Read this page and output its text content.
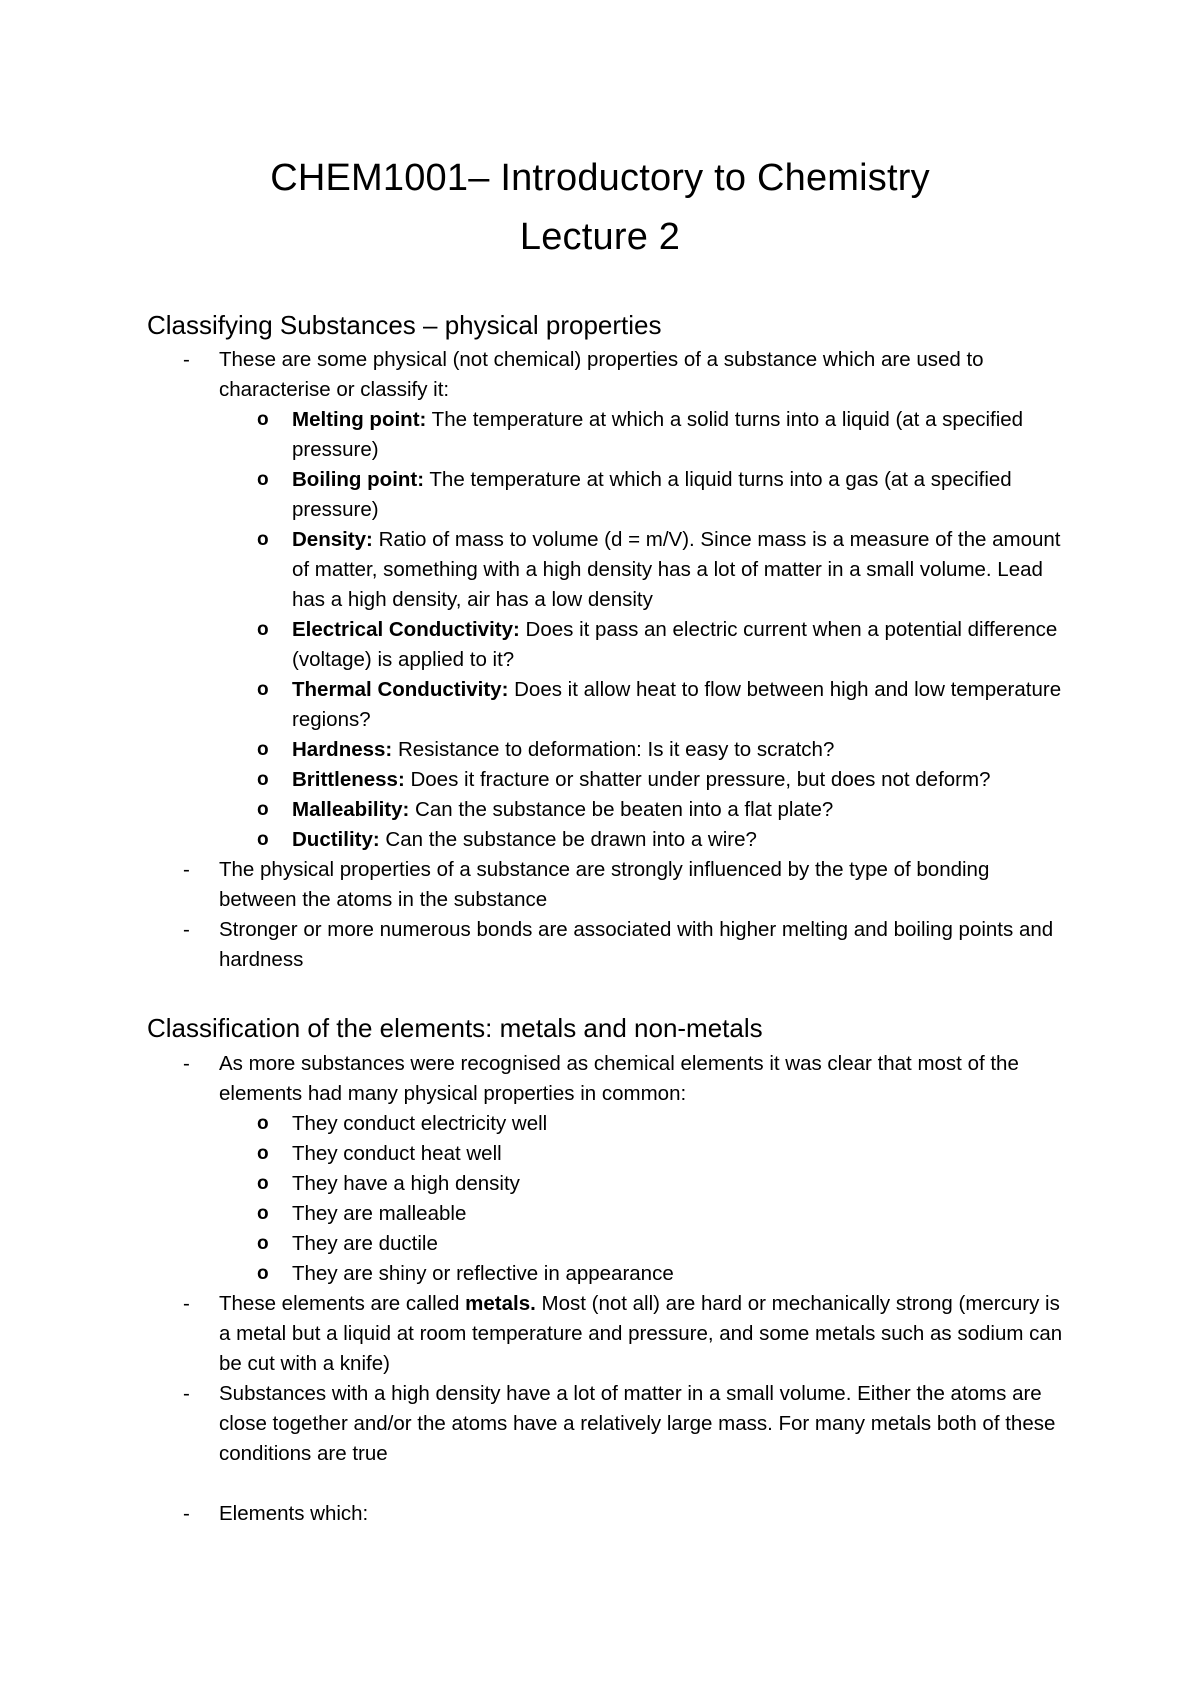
CHEM1001– Introductory to Chemistry
Lecture 2
Classifying Substances – physical properties
- These are some physical (not chemical) properties of a substance which are used to characterise or classify it:
o Melting point: The temperature at which a solid turns into a liquid (at a specified pressure)
o Boiling point: The temperature at which a liquid turns into a gas (at a specified pressure)
o Density: Ratio of mass to volume (d = m/V). Since mass is a measure of the amount of matter, something with a high density has a lot of matter in a small volume. Lead has a high density, air has a low density
o Electrical Conductivity: Does it pass an electric current when a potential difference (voltage) is applied to it?
o Thermal Conductivity: Does it allow heat to flow between high and low temperature regions?
o Hardness: Resistance to deformation: Is it easy to scratch?
o Brittleness: Does it fracture or shatter under pressure, but does not deform?
o Malleability: Can the substance be beaten into a flat plate?
o Ductility: Can the substance be drawn into a wire?
- The physical properties of a substance are strongly influenced by the type of bonding between the atoms in the substance
- Stronger or more numerous bonds are associated with higher melting and boiling points and hardness
Classification of the elements: metals and non-metals
- As more substances were recognised as chemical elements it was clear that most of the elements had many physical properties in common:
o They conduct electricity well
o They conduct heat well
o They have a high density
o They are malleable
o They are ductile
o They are shiny or reflective in appearance
- These elements are called metals. Most (not all) are hard or mechanically strong (mercury is a metal but a liquid at room temperature and pressure, and some metals such as sodium can be cut with a knife)
- Substances with a high density have a lot of matter in a small volume. Either the atoms are close together and/or the atoms have a relatively large mass. For many metals both of these conditions are true
- Elements which:
